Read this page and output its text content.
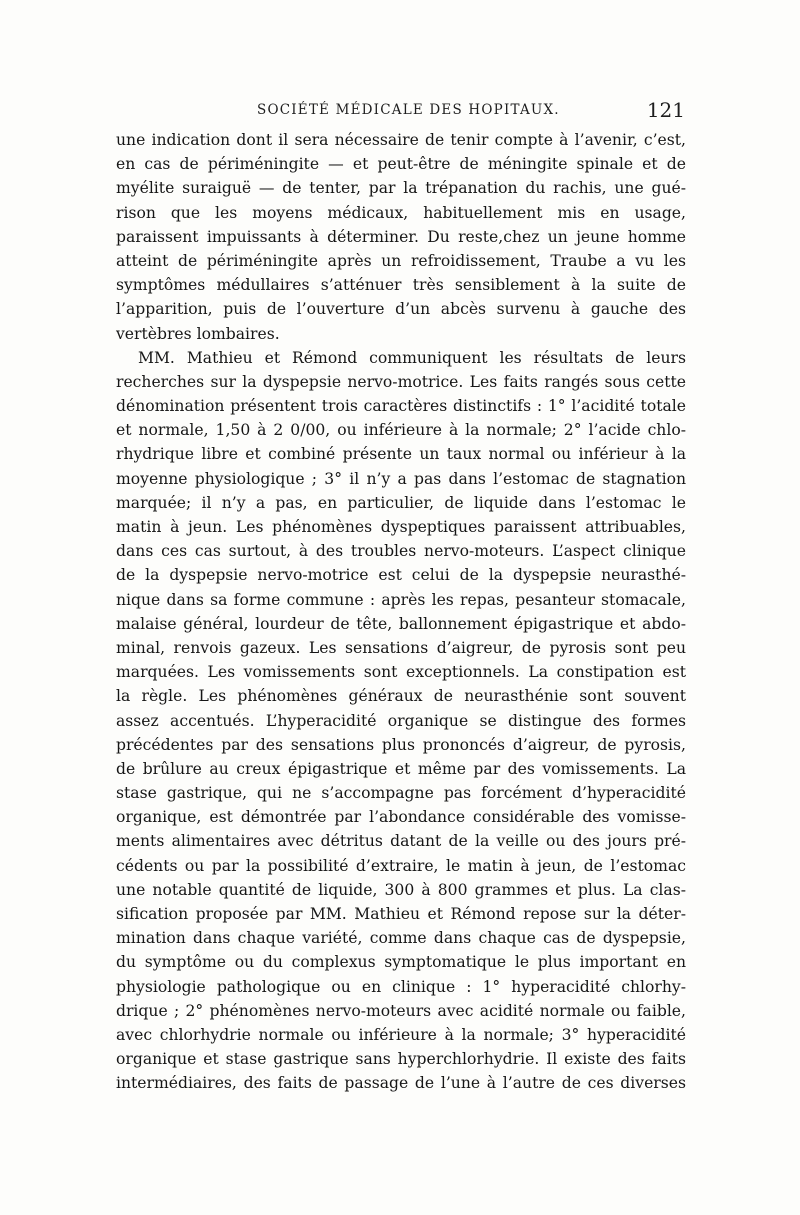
SOCIÉTÉ MÉDICALE DES HOPITAUX.	121
une indication dont il sera nécessaire de tenir compte à l’avenir, c’est,
en cas de périméningite — et peut-être de méningite spinale et de
myélite suraiguë — de tenter, par la trépanation du rachis, une gué-
rison que les moyens médicaux, habituellement mis en usage,
paraissent impuissants à déterminer. Du reste,chez un jeune homme
atteint de périméningite après un refroidissement, Traube a vu les
symptômes médullaires s’atténuer très sensiblement à la suite de
l’apparition, puis de l’ouverture d’un abcès survenu à gauche des
vertèbres lombaires.
MM. Mathieu et Rémond communiquent les résultats de leurs
recherches sur la dyspepsie nervo-motrice. Les faits rangés sous cette
dénomination présentent trois caractères distinctifs : 1° l’acidité totale
et normale, 1,50 à 2 0/00, ou inférieure à la normale; 2° l’acide chlo-
rhydrique libre et combiné présente un taux normal ou inférieur à la
moyenne physiologique ; 3° il n’y a pas dans l’estomac de stagnation
marquée; il n’y a pas, en particulier, de liquide dans l’estomac le
matin à jeun. Les phénomènes dyspeptiques paraissent attribuables,
dans ces cas surtout, à des troubles nervo-moteurs. L’aspect clinique
de la dyspepsie nervo-motrice est celui de la dyspepsie neurasthé-
nique dans sa forme commune : après les repas, pesanteur stomacale,
malaise général, lourdeur de tête, ballonnement épigastrique et abdo-
minal, renvois gazeux. Les sensations d’aigreur, de pyrosis sont peu
marquées. Les vomissements sont exceptionnels. La constipation est
la règle. Les phénomènes généraux de neurasthénie sont souvent
assez accentués. L’hyperacidité organique se distingue des formes
précédentes par des sensations plus prononcés d’aigreur, de pyrosis,
de brûlure au creux épigastrique et même par des vomissements. La
stase gastrique, qui ne s’accompagne pas forcément d’hyperacidité
organique, est démontrée par l’abondance considérable des vomisse-
ments alimentaires avec détritus datant de la veille ou des jours pré-
cédents ou par la possibilité d’extraire, le matin à jeun, de l’estomac
une notable quantité de liquide, 300 à 800 grammes et plus. La clas-
sification proposée par MM. Mathieu et Rémond repose sur la déter-
mination dans chaque variété, comme dans chaque cas de dyspepsie,
du symptôme ou du complexus symptomatique le plus important en
physiologie pathologique ou en clinique : 1° hyperacidité chlorhy-
drique ; 2° phénomènes nervo-moteurs avec acidité normale ou faible,
avec chlorhydrie normale ou inférieure à la normale; 3° hyperacidité
organique et stase gastrique sans hyperchlorhydrie. Il existe des faits
intermédiaires, des faits de passage de l’une à l’autre de ces diverses
